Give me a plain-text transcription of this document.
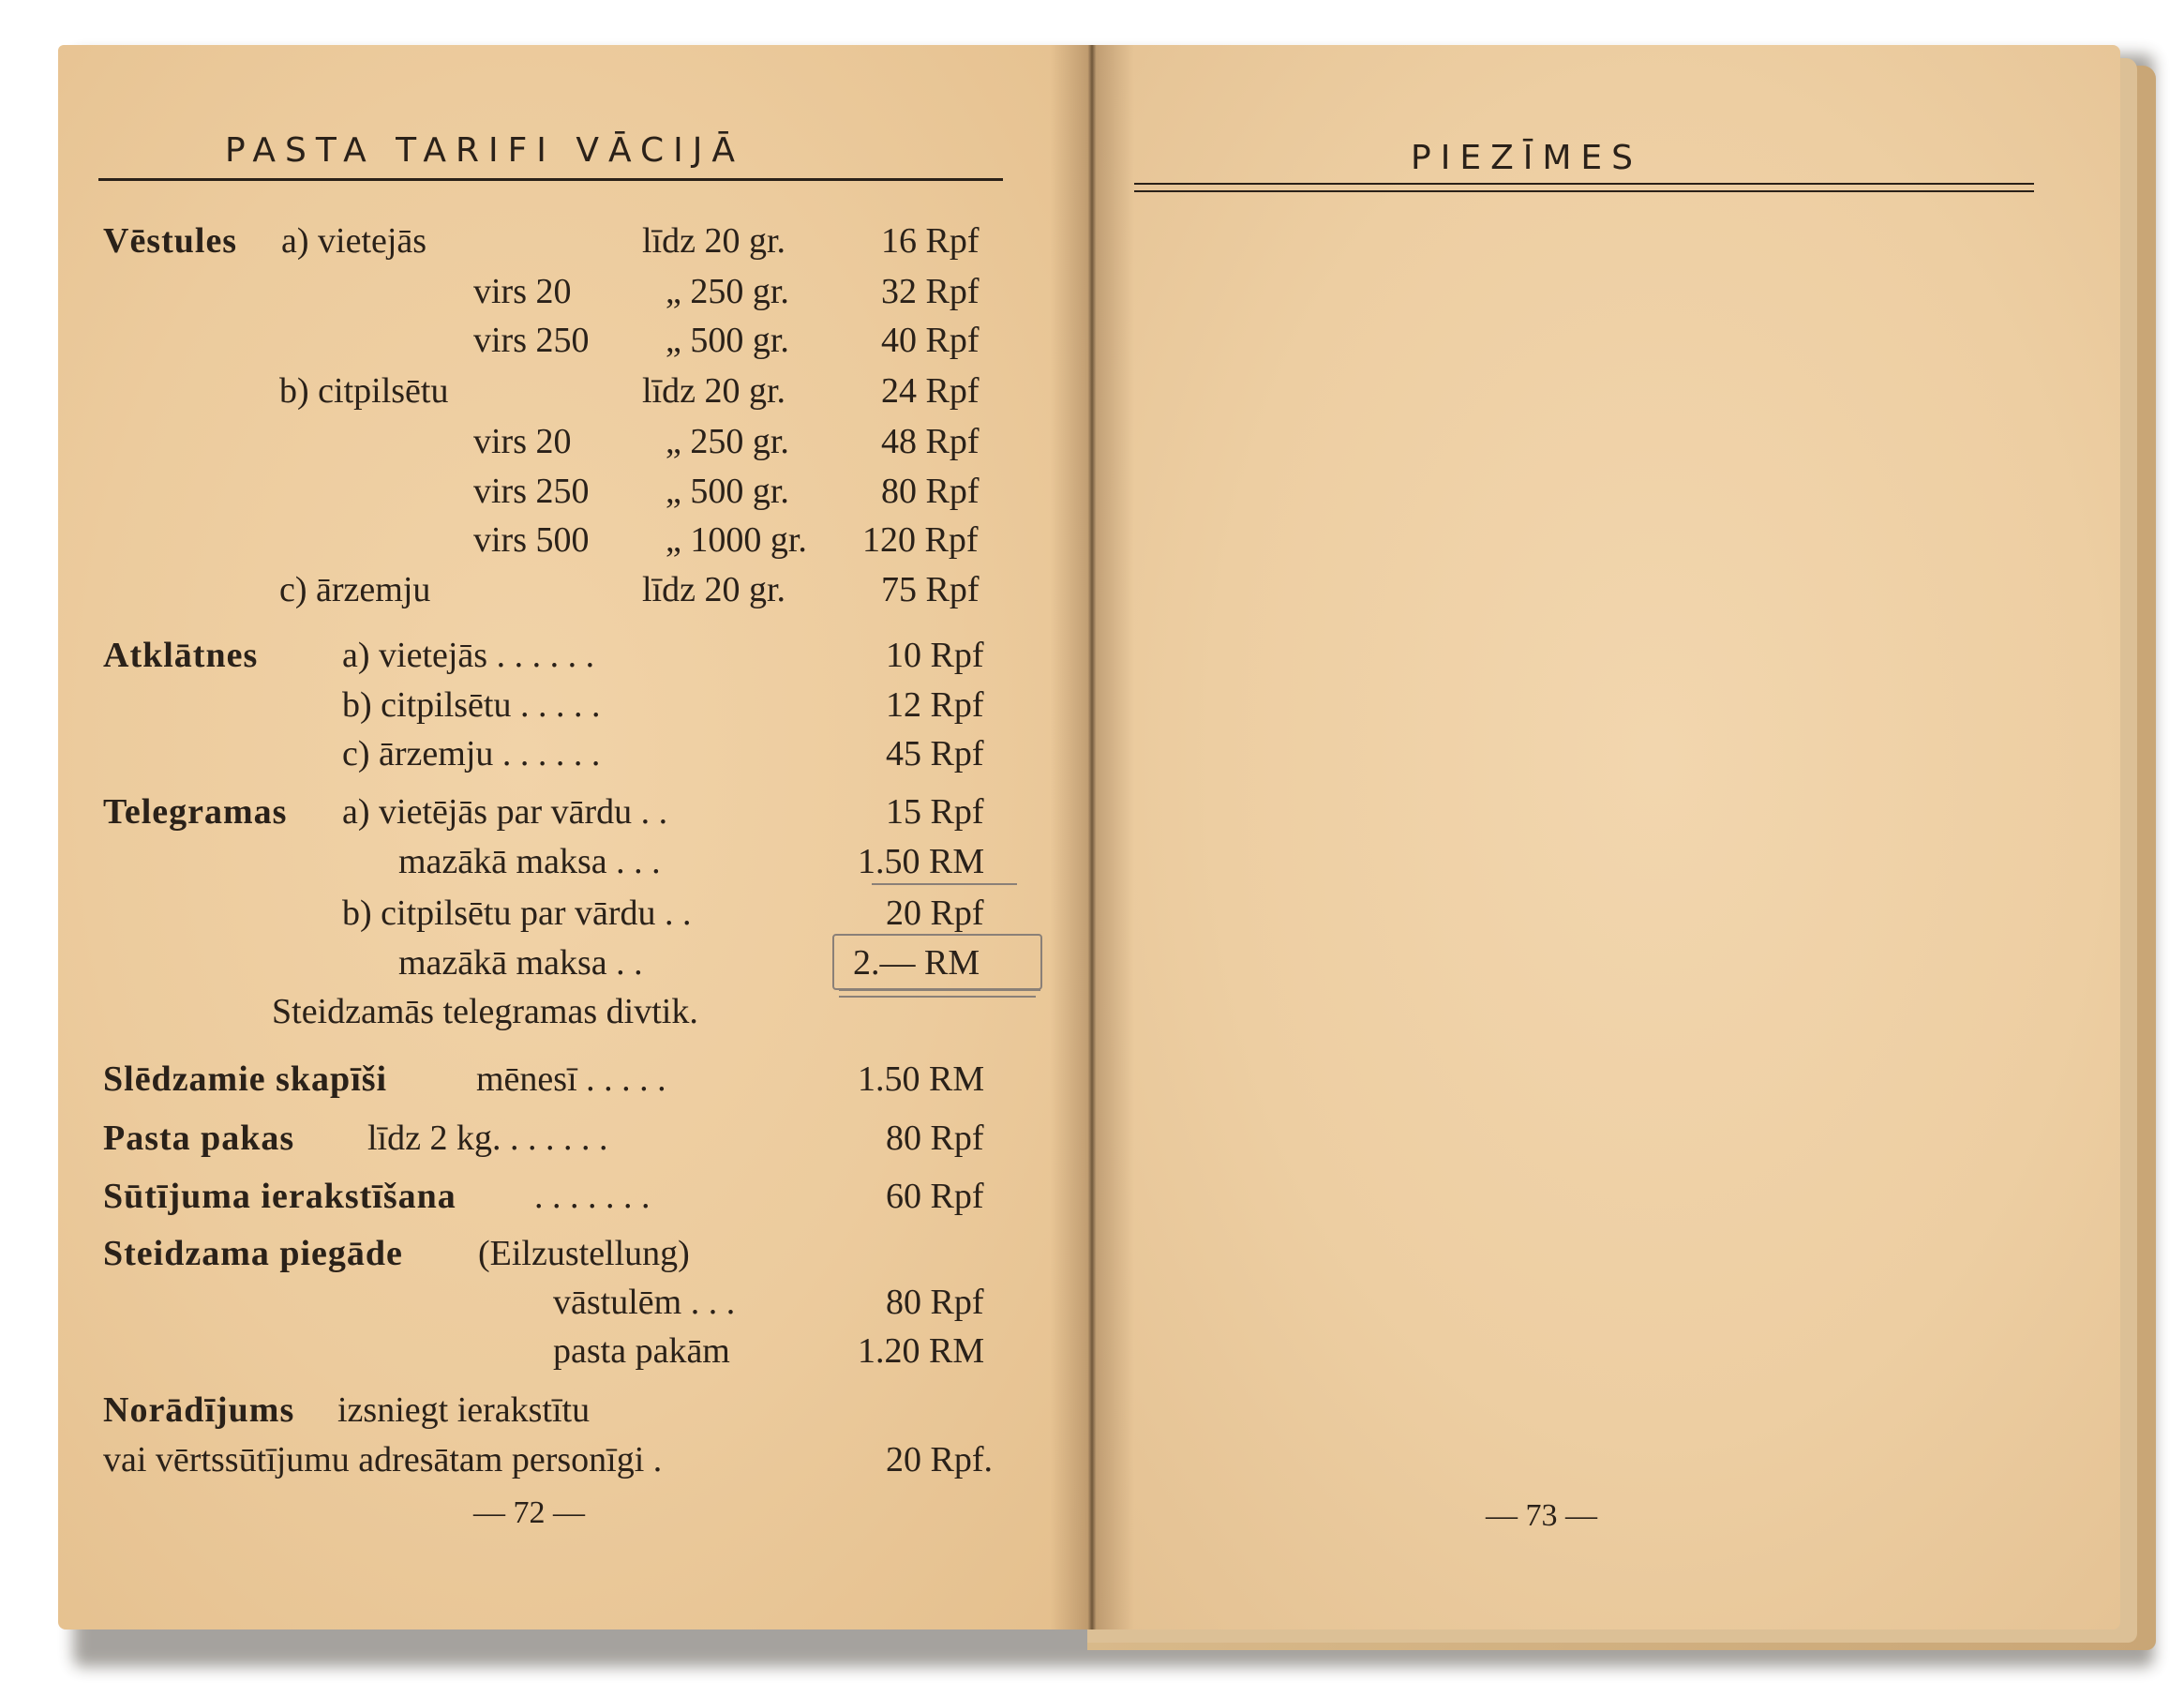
PASTA TARIFI VĀCIJĀ	PIEZĪMES
Vēstules a) vietejās	līdz 20 gr.	16 Rpf
virs 20	„ 250 gr.	32 Rpf
virs 250 „ 500 gr.	40 Rpf
b) citpilsētu	līdz 20 gr.	24 Rpf
virs 20	„ 250 gr.	48 Rpf
virs 250 „ 500 gr.	80 Rpf
virs 500 „ 1000 gr. 120 Rpf
c) ārzemju	līdz 20 gr.	75 Rpf
Atklātnes a) vietejās . . . . . .	10 Rpf
b) citpilsētu . . . . .	12 Rpf
c) ārzemju . . . . . .	45 Rpf
Telegramas a) vietējās par vārdu . .	15 Rpf
mazākā maksa . . .	1.50 RM
b) citpilsētu par vārdu . .	20 Rpf
mazākā maksa . .	2.— RM
Steidzamās telegramas divtik.
Slēdzamie skapīši mēnesī . . . . .	1.50 RM
Pasta pakas līdz 2 kg. . . . . . .	80 Rpf
Sūtījuma ierakstīšana . . . . . . .	60 Rpf
Steidzama piegāde (Eilzustellung)
vāstulēm . . .	80 Rpf
pasta pakām	1.20 RM
Norādījums izsniegt ierakstītu
vai vērtssūtījumu adresātam personīgi .	20 Rpf.
— 72 —	— 73 —
